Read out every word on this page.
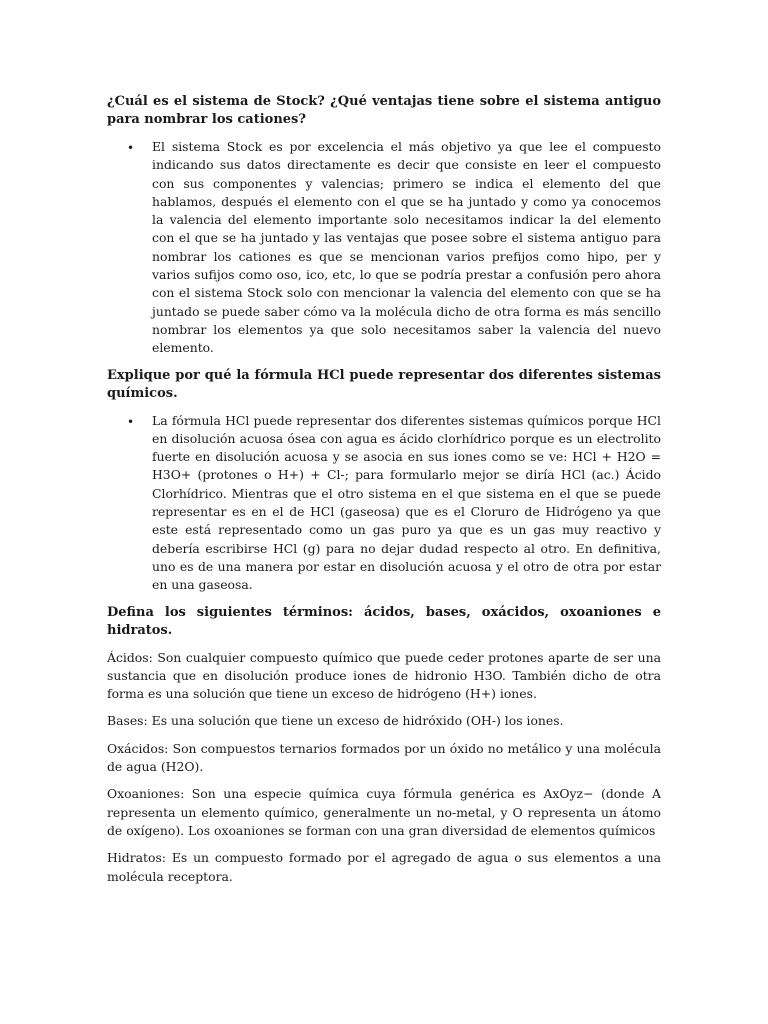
¿Cuál es el sistema de Stock? ¿Qué ventajas tiene sobre el sistema antiguo para nombrar los cationes?

• El sistema Stock es por excelencia el más objetivo ya que lee el compuesto indicando sus datos directamente es decir que consiste en leer el compuesto con sus componentes y valencias; primero se indica el elemento del que hablamos, después el elemento con el que se ha juntado y como ya conocemos la valencia del elemento importante solo necesitamos indicar la del elemento con el que se ha juntado y las ventajas que posee sobre el sistema antiguo para nombrar los cationes es que se mencionan varios prefijos como hipo, per y varios sufijos como oso, ico, etc, lo que se podría prestar a confusión pero ahora con el sistema Stock solo con mencionar la valencia del elemento con que se ha juntado se puede saber cómo va la molécula dicho de otra forma es más sencillo nombrar los elementos ya que solo necesitamos saber la valencia del nuevo elemento.

Explique por qué la fórmula HCl puede representar dos diferentes sistemas químicos.

• La fórmula HCl puede representar dos diferentes sistemas químicos porque HCl en disolución acuosa ósea con agua es ácido clorhídrico porque es un electrolito fuerte en disolución acuosa y se asocia en sus iones como se ve: HCl + H2O = H3O+ (protones o H+) + Cl-; para formularlo mejor se diría HCl (ac.) Ácido Clorhídrico. Mientras que el otro sistema en el que sistema en el que se puede representar es en el de HCl (gaseosa) que es el Cloruro de Hidrógeno ya que este está representado como un gas puro ya que es un gas muy reactivo y debería escribirse HCl (g) para no dejar dudad respecto al otro. En definitiva, uno es de una manera por estar en disolución acuosa y el otro de otra por estar en una gaseosa.

Defina los siguientes términos: ácidos, bases, oxácidos, oxoaniones e hidratos.

Ácidos: Son cualquier compuesto químico que puede ceder protones aparte de ser una sustancia que en disolución produce iones de hidronio H3O. También dicho de otra forma es una solución que tiene un exceso de hidrógeno (H+) iones.

Bases: Es una solución que tiene un exceso de hidróxido (OH-) los iones.

Oxácidos: Son compuestos ternarios formados por un óxido no metálico y una molécula de agua (H2O).

Oxoaniones: Son una especie química cuya fórmula genérica es AxOyz− (donde A representa un elemento químico, generalmente un no-metal, y O representa un átomo de oxígeno). Los oxoaniones se forman con una gran diversidad de elementos químicos

Hidratos: Es un compuesto formado por el agregado de agua o sus elementos a una molécula receptora.
